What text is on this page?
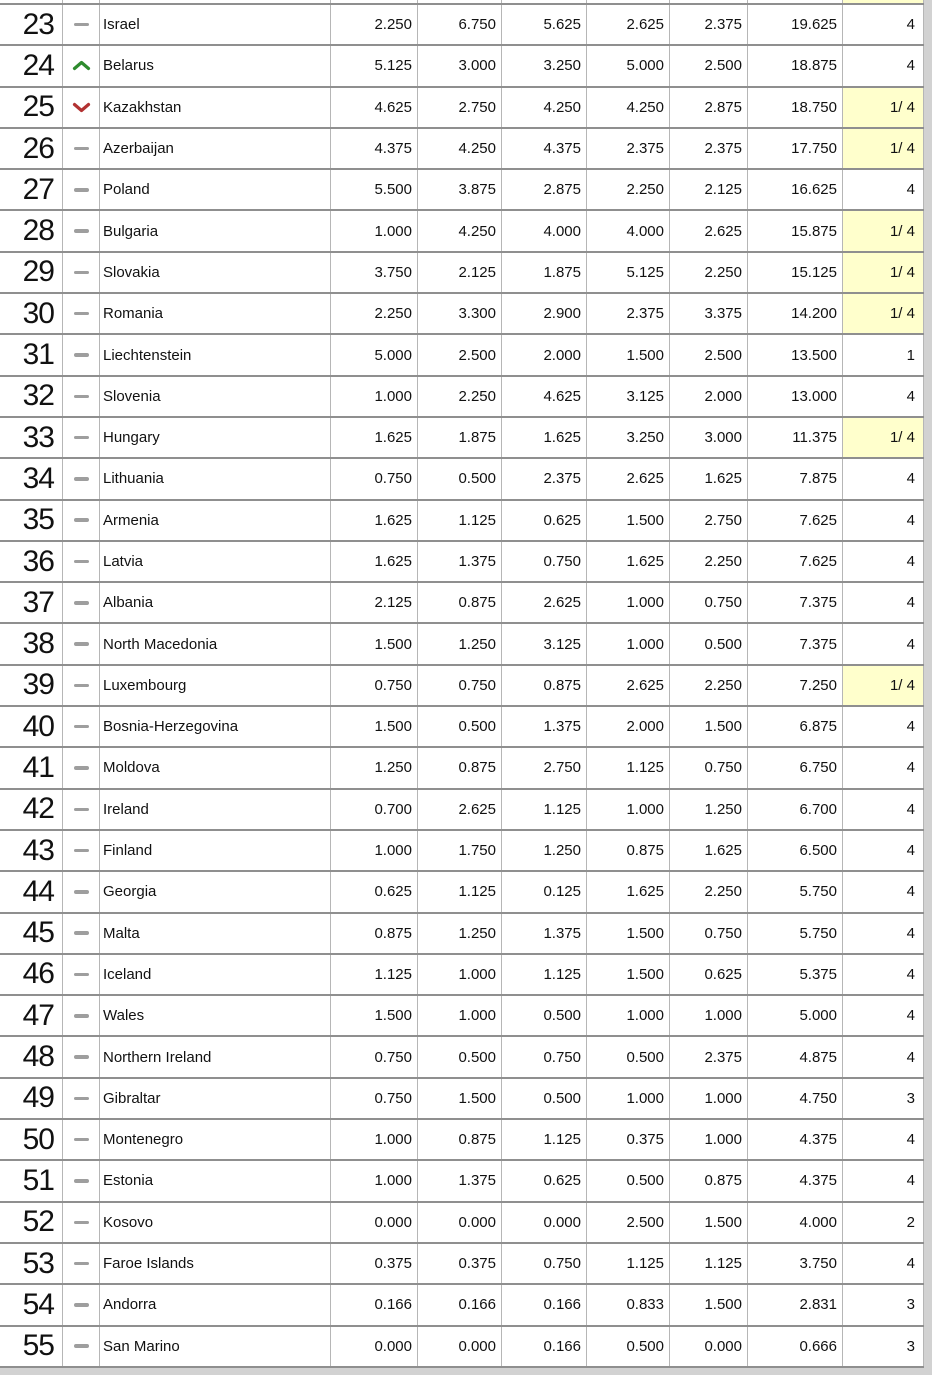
23	Israel	2.250	6.750	5.625	2.625	2.375	19.625	4
24	Belarus	5.125	3.000	3.250	5.000	2.500	18.875	4
25	Kazakhstan	4.625	2.750	4.250	4.250	2.875	18.750	1/ 4
26	Azerbaijan	4.375	4.250	4.375	2.375	2.375	17.750	1/ 4
27	Poland	5.500	3.875	2.875	2.250	2.125	16.625	4
28	Bulgaria	1.000	4.250	4.000	4.000	2.625	15.875	1/ 4
29	Slovakia	3.750	2.125	1.875	5.125	2.250	15.125	1/ 4
30	Romania	2.250	3.300	2.900	2.375	3.375	14.200	1/ 4
31	Liechtenstein	5.000	2.500	2.000	1.500	2.500	13.500	1
32	Slovenia	1.000	2.250	4.625	3.125	2.000	13.000	4
33	Hungary	1.625	1.875	1.625	3.250	3.000	11.375	1/ 4
34	Lithuania	0.750	0.500	2.375	2.625	1.625	7.875	4
35	Armenia	1.625	1.125	0.625	1.500	2.750	7.625	4
36	Latvia	1.625	1.375	0.750	1.625	2.250	7.625	4
37	Albania	2.125	0.875	2.625	1.000	0.750	7.375	4
38	North Macedonia	1.500	1.250	3.125	1.000	0.500	7.375	4
39	Luxembourg	0.750	0.750	0.875	2.625	2.250	7.250	1/ 4
40	Bosnia-Herzegovina	1.500	0.500	1.375	2.000	1.500	6.875	4
41	Moldova	1.250	0.875	2.750	1.125	0.750	6.750	4
42	Ireland	0.700	2.625	1.125	1.000	1.250	6.700	4
43	Finland	1.000	1.750	1.250	0.875	1.625	6.500	4
44	Georgia	0.625	1.125	0.125	1.625	2.250	5.750	4
45	Malta	0.875	1.250	1.375	1.500	0.750	5.750	4
46	Iceland	1.125	1.000	1.125	1.500	0.625	5.375	4
47	Wales	1.500	1.000	0.500	1.000	1.000	5.000	4
48	Northern Ireland	0.750	0.500	0.750	0.500	2.375	4.875	4
49	Gibraltar	0.750	1.500	0.500	1.000	1.000	4.750	3
50	Montenegro	1.000	0.875	1.125	0.375	1.000	4.375	4
51	Estonia	1.000	1.375	0.625	0.500	0.875	4.375	4
52	Kosovo	0.000	0.000	0.000	2.500	1.500	4.000	2
53	Faroe Islands	0.375	0.375	0.750	1.125	1.125	3.750	4
54	Andorra	0.166	0.166	0.166	0.833	1.500	2.831	3
55	San Marino	0.000	0.000	0.166	0.500	0.000	0.666	3
